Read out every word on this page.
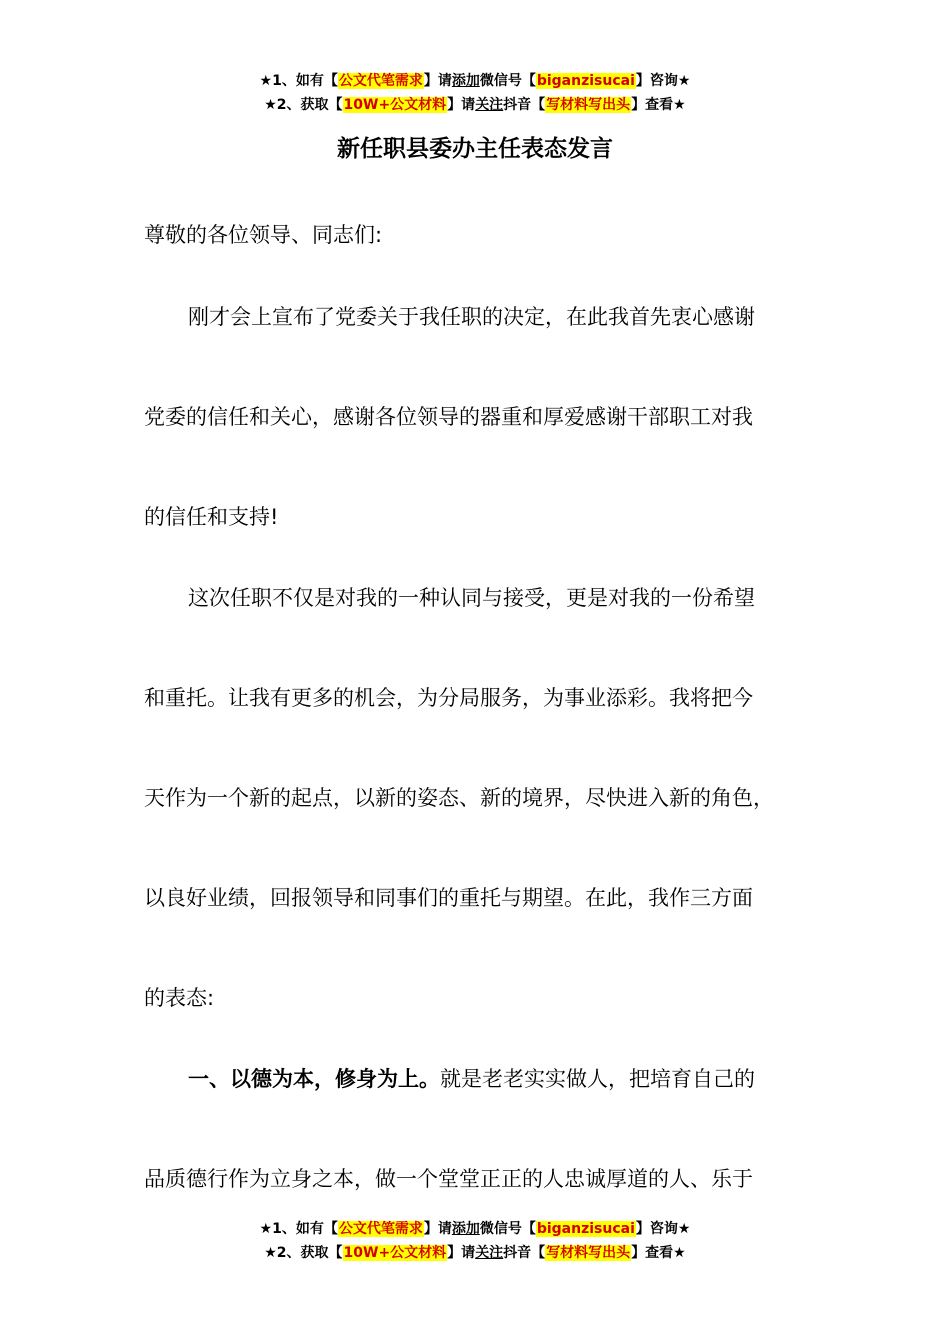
★1、如有【公文代笔需求】请添加微信号【biganzisucai】咨询★
★2、获取【10W+公文材料】请关注抖音【写材料写出头】查看★
新任职县委办主任表态发言

尊敬的各位领导、同志们:

刚才会上宣布了党委关于我任职的决定，在此我首先衷心感谢

党委的信任和关心，感谢各位领导的器重和厚爱感谢干部职工对我

的信任和支持!

这次任职不仅是对我的一种认同与接受，更是对我的一份希望

和重托。让我有更多的机会，为分局服务，为事业添彩。我将把今

天作为一个新的起点，以新的姿态、新的境界，尽快进入新的角色，

以良好业绩，回报领导和同事们的重托与期望。在此，我作三方面

的表态:

一、以德为本，修身为上。就是老老实实做人，把培育自己的

品质德行作为立身之本，做一个堂堂正正的人忠诚厚道的人、乐于

★1、如有【公文代笔需求】请添加微信号【biganzisucai】咨询★
★2、获取【10W+公文材料】请关注抖音【写材料写出头】查看★
